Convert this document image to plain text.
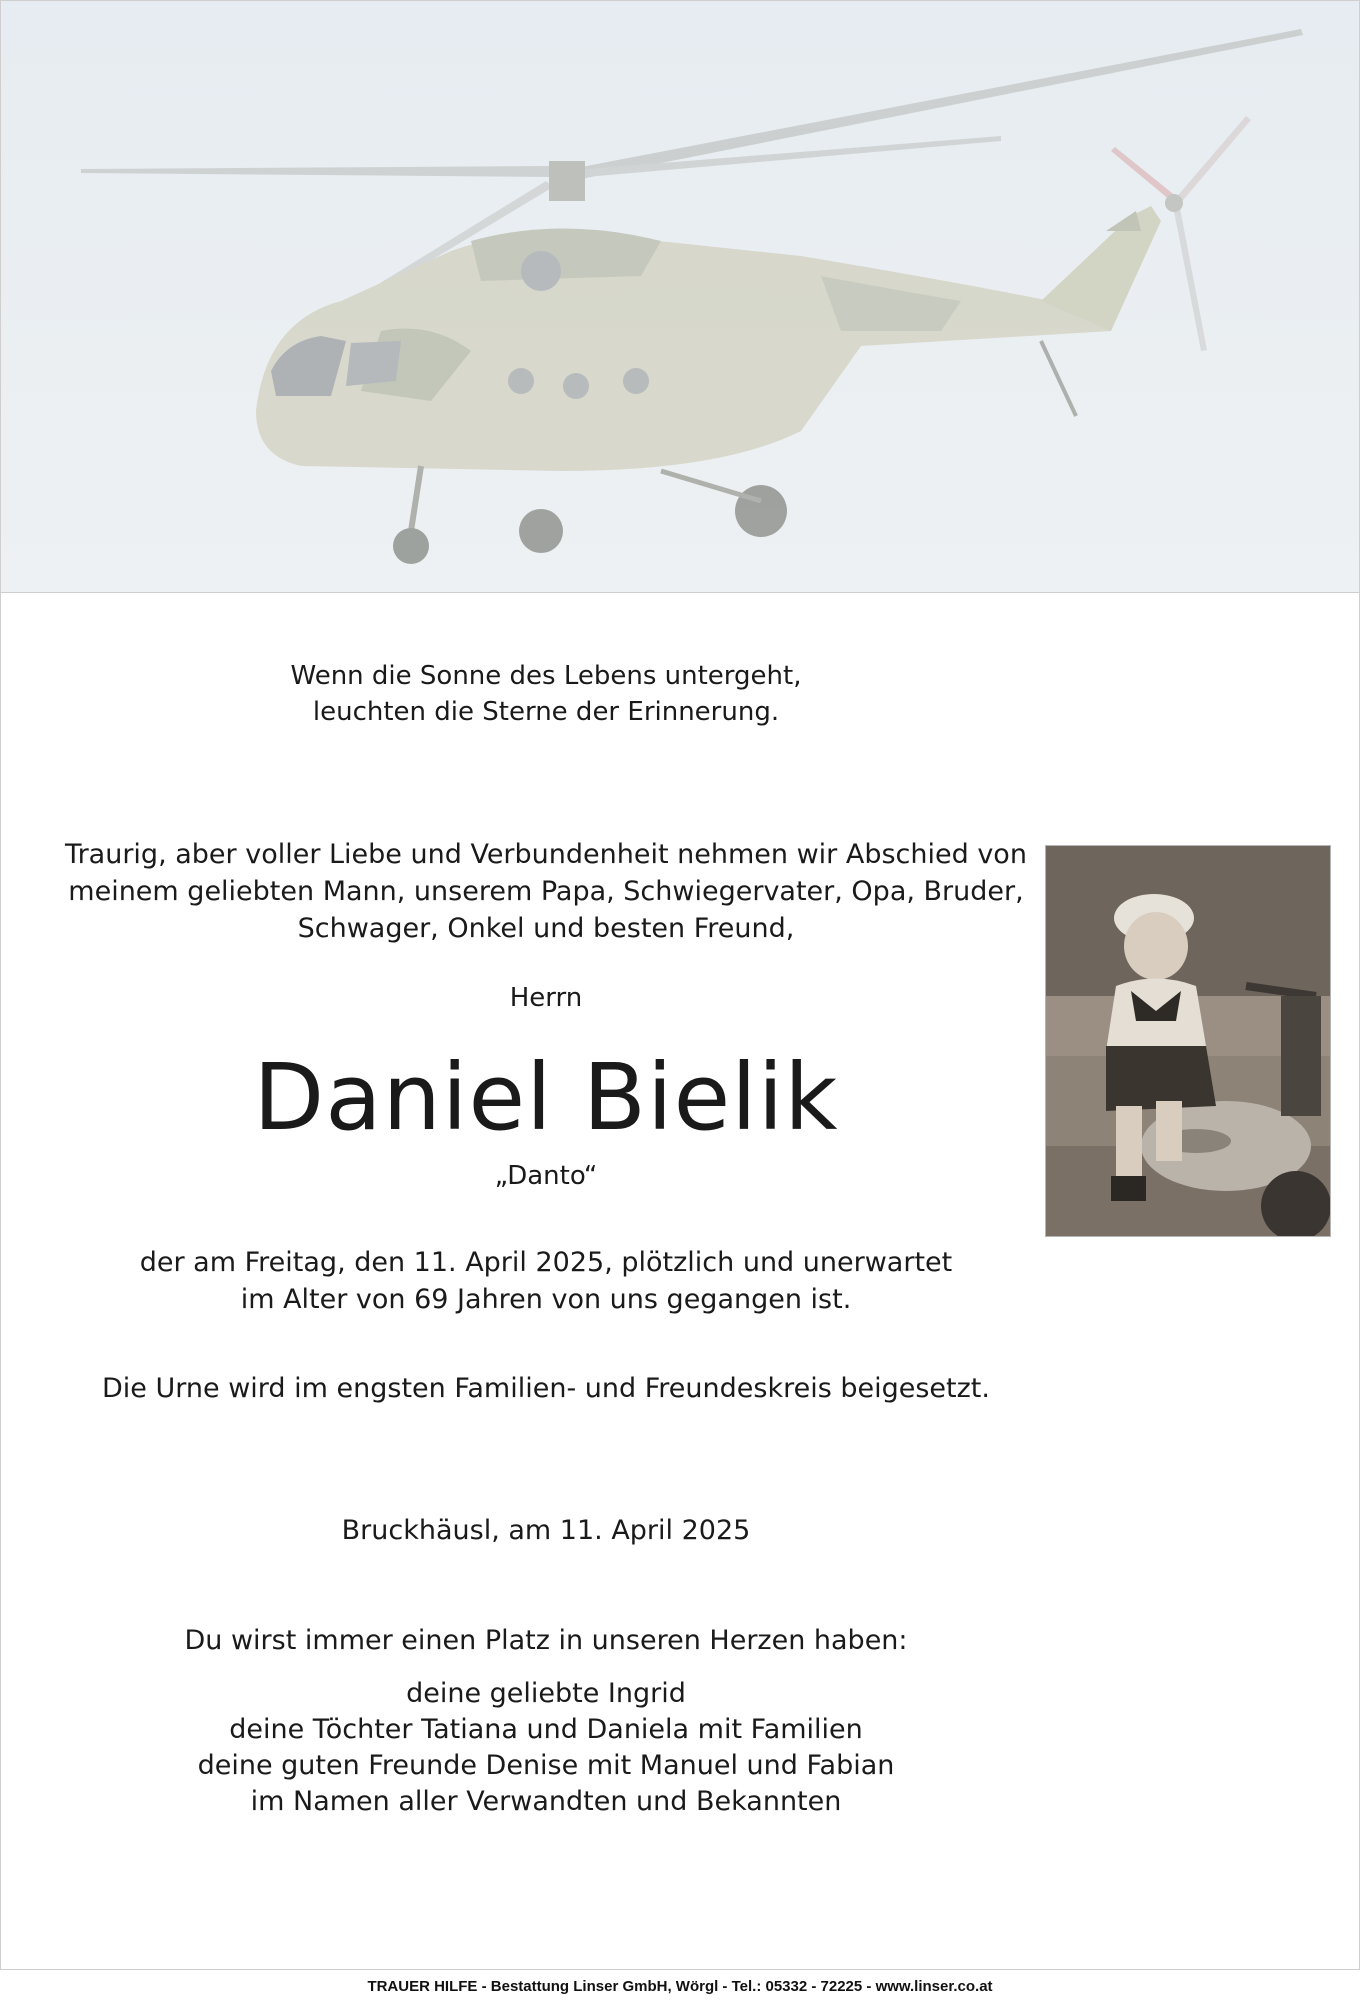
Wenn die Sonne des Lebens untergeht,
leuchten die Sterne der Erinnerung.
Traurig, aber voller Liebe und Verbundenheit nehmen wir Abschied von
meinem geliebten Mann, unserem Papa, Schwiegervater, Opa, Bruder,
Schwager, Onkel und besten Freund,
Herrn
Daniel Bielik
„Danto“
der am Freitag, den 11. April 2025, plötzlich und unerwartet
im Alter von 69 Jahren von uns gegangen ist.
Die Urne wird im engsten Familien- und Freundeskreis beigesetzt.
Bruckhäusl, am 11. April 2025
Du wirst immer einen Platz in unseren Herzen haben:
deine geliebte Ingrid
deine Töchter Tatiana und Daniela mit Familien
deine guten Freunde Denise mit Manuel und Fabian
im Namen aller Verwandten und Bekannten
TRAUER HILFE - Bestattung Linser GmbH, Wörgl - Tel.: 05332 - 72225 - www.linser.co.at
